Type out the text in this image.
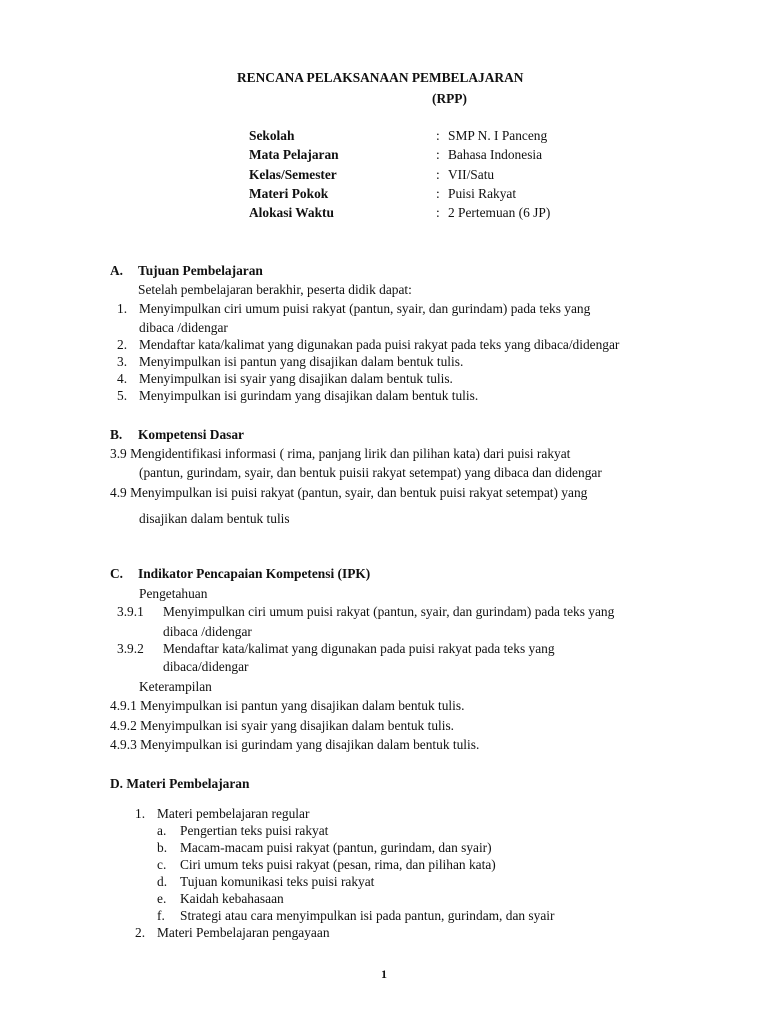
RENCANA PELAKSANAAN PEMBELAJARAN
(RPP)
Sekolah	: SMP N. I Panceng
Mata Pelajaran	: Bahasa Indonesia
Kelas/Semester	: VII/Satu
Materi Pokok	: Puisi Rakyat
Alokasi Waktu	: 2 Pertemuan (6 JP)
A. Tujuan Pembelajaran
Setelah pembelajaran berakhir, peserta didik dapat:
1. Menyimpulkan ciri umum puisi rakyat (pantun, syair, dan gurindam) pada teks yang
dibaca /didengar
2. Mendaftar kata/kalimat yang digunakan pada puisi rakyat pada teks yang dibaca/didengar
3. Menyimpulkan isi pantun yang disajikan dalam bentuk tulis.
4. Menyimpulkan isi syair yang disajikan dalam bentuk tulis.
5. Menyimpulkan isi gurindam yang disajikan dalam bentuk tulis.
B. Kompetensi Dasar
3.9 Mengidentifikasi informasi ( rima, panjang lirik dan pilihan kata) dari puisi rakyat
(pantun, gurindam, syair, dan bentuk puisii rakyat setempat) yang dibaca dan didengar
4.9 Menyimpulkan isi puisi rakyat (pantun, syair, dan bentuk puisi rakyat setempat) yang
disajikan dalam bentuk tulis
C. Indikator Pencapaian Kompetensi (IPK)
Pengetahuan
3.9.1 Menyimpulkan ciri umum puisi rakyat (pantun, syair, dan gurindam) pada teks yang
dibaca /didengar
3.9.2 Mendaftar kata/kalimat yang digunakan pada puisi rakyat pada teks yang
dibaca/didengar
Keterampilan
4.9.1 Menyimpulkan isi pantun yang disajikan dalam bentuk tulis.
4.9.2 Menyimpulkan isi syair yang disajikan dalam bentuk tulis.
4.9.3 Menyimpulkan isi gurindam yang disajikan dalam bentuk tulis.
D. Materi Pembelajaran
1. Materi pembelajaran regular
a. Pengertian teks puisi rakyat
b. Macam-macam puisi rakyat (pantun, gurindam, dan syair)
c. Ciri umum teks puisi rakyat (pesan, rima, dan pilihan kata)
d. Tujuan komunikasi teks puisi rakyat
e. Kaidah kebahasaan
f. Strategi atau cara menyimpulkan isi pada pantun, gurindam, dan syair
2. Materi Pembelajaran pengayaan
1
